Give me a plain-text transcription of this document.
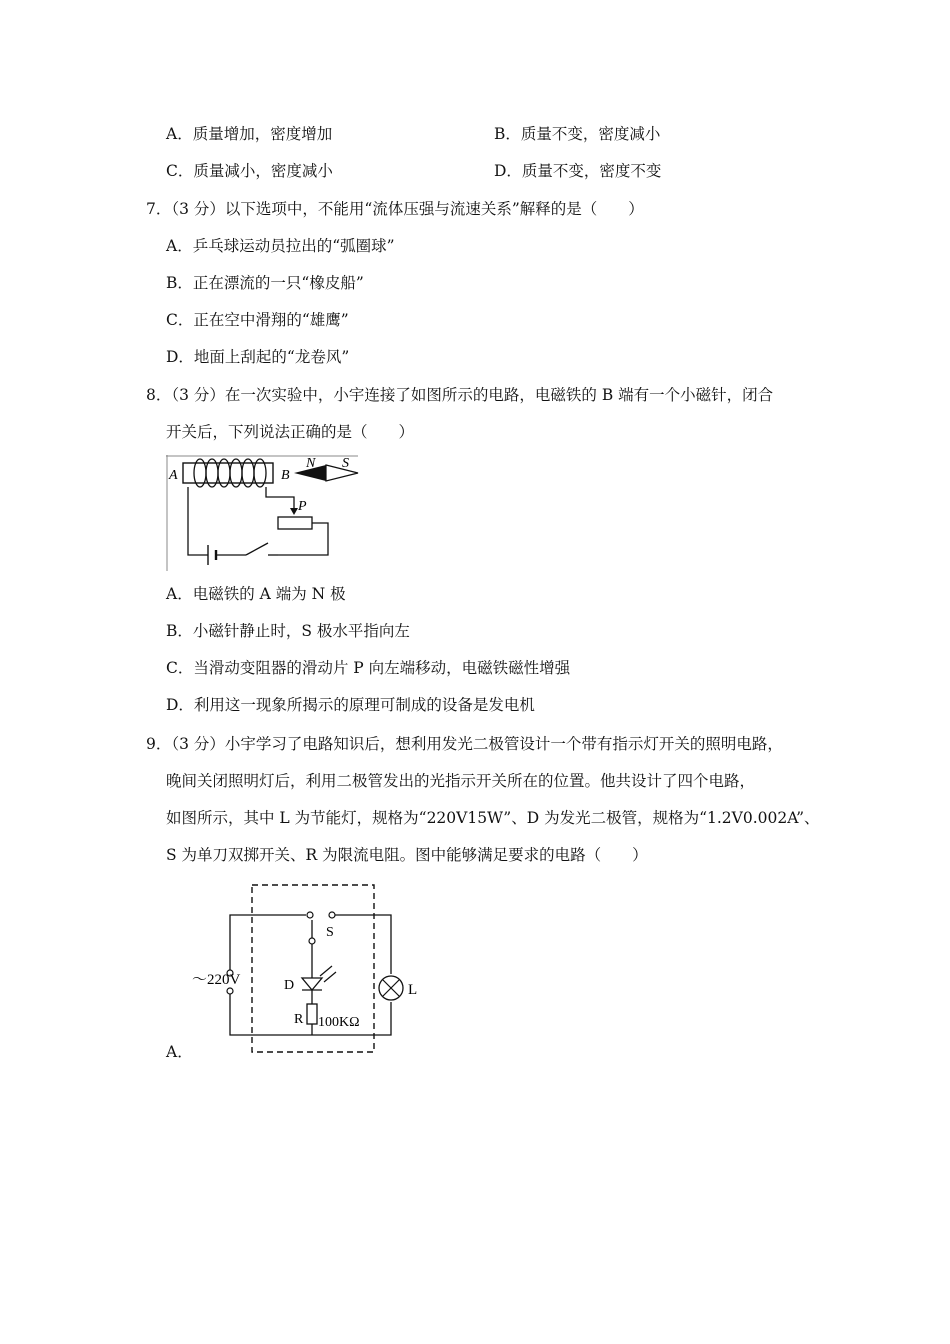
A．质量增加，密度增加	B．质量不变，密度减小
C．质量减小，密度减小	D．质量不变，密度不变
7．（3 分）以下选项中，不能用“流体压强与流速关系”解释的是（　　）
A．乒乓球运动员拉出的“弧圈球”
B．正在漂流的一只“橡皮船”
C．正在空中滑翔的“雄鹰”
D．地面上刮起的“龙卷风”
8．（3 分）在一次实验中，小宇连接了如图所示的电路，电磁铁的 B 端有一个小磁针，闭合
开关后，下列说法正确的是（　　）
A	B
N S
P
A．电磁铁的 A 端为 N 极
B．小磁针静止时，S 极水平指向左
C．当滑动变阻器的滑动片 P 向左端移动，电磁铁磁性增强
D．利用这一现象所揭示的原理可制成的设备是发电机
9．（3 分）小宇学习了电路知识后，想利用发光二极管设计一个带有指示灯开关的照明电路，
晚间关闭照明灯后，利用二极管发出的光指示开关所在的位置。他共设计了四个电路，
如图所示，其中 L 为节能灯，规格为“220V15W”、D 为发光二极管，规格为“1.2V0.002A”、
S 为单刀双掷开关、R 为限流电阻。图中能够满足要求的电路（　　）
～220V
S
D
R 100KΩ
L
A．
